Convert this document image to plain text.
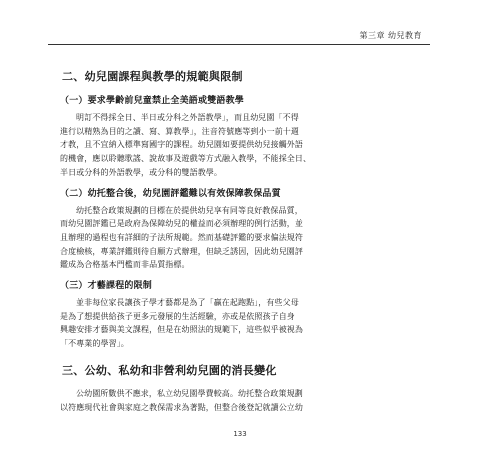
第三章 幼兒教育
二、幼兒園課程與教學的規範與限制
（一）要求學齡前兒童禁止全美語或雙語教學
明訂不得採全日、半日或分科之外語教學」，而且幼兒園「不得
進行以精熟為目的之讀、寫、算教學」，注音符號應等到小一前十週
才教，且不宜納入標準寫國字的課程。幼兒園如要提供幼兒接觸外語
的機會，應以聆聽歌謠、說故事及遊戲等方式融入教學，不能採全日、
半日或分科的外語教學，或分科的雙語教學。
（二）幼托整合後，幼兒園評鑑難以有效保障教保品質
幼托整合政策規劃的目標在於提供幼兒享有同等良好教保品質，
而幼兒園評鑑已是政府為保障幼兒的權益而必須辦理的例行活動，並
且辦理的過程也有詳細的子法所規範。然而基礎評鑑的要求偏法規符
合度檢核，專業評鑑則待自願方式辦理，但缺乏誘因，因此幼兒園評
鑑成為合格基本門檻而非品質指標。
（三）才藝課程的限制
並非每位家長讓孩子學才藝都是為了「贏在起跑點」，有些父母
是為了想提供給孩子更多元發展的生活經驗，亦或是依照孩子自身
興趣安排才藝與美文課程，但是在幼照法的規範下，這些似乎被視為
「不專業的學習」。
三、公幼、私幼和非營利幼兒園的消長變化
公幼園所數供不應求，私立幼兒園學費較高。幼托整合政策規劃
以符應現代社會與家庭之教保需求為著點，但整合後登記就讀公立幼
133
